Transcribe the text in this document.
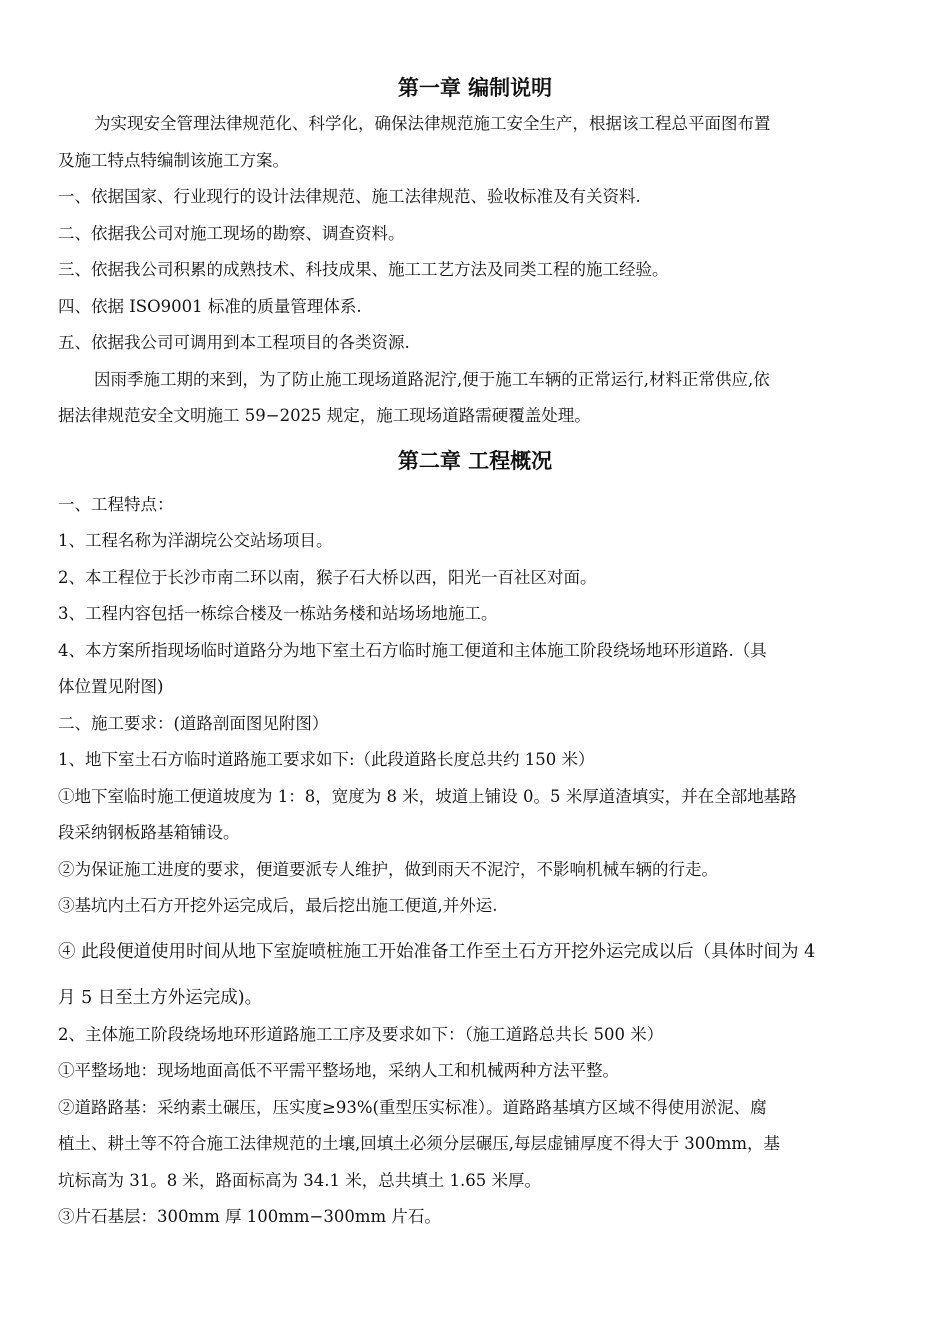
第一章 编制说明

为实现安全管理法律规范化、科学化，确保法律规范施工安全生产，根据该工程总平面图布置

及施工特点特编制该施工方案。

一、依据国家、行业现行的设计法律规范、施工法律规范、验收标准及有关资料.

二、依据我公司对施工现场的勘察、调查资料。

三、依据我公司积累的成熟技术、科技成果、施工工艺方法及同类工程的施工经验。

四、依据 ISO9001 标准的质量管理体系.

五、依据我公司可调用到本工程项目的各类资源.

因雨季施工期的来到，为了防止施工现场道路泥泞,便于施工车辆的正常运行,材料正常供应,依

据法律规范安全文明施工 59−2025 规定，施工现场道路需硬覆盖处理。

第二章 工程概况

一、工程特点：

1、工程名称为洋湖垸公交站场项目。

2、本工程位于长沙市南二环以南，猴子石大桥以西，阳光一百社区对面。

3、工程内容包括一栋综合楼及一栋站务楼和站场场地施工。

4、本方案所指现场临时道路分为地下室土石方临时施工便道和主体施工阶段绕场地环形道路.（具

体位置见附图)

二、施工要求：(道路剖面图见附图）

1、地下室土石方临时道路施工要求如下:（此段道路长度总共约 150 米）

①地下室临时施工便道坡度为 1：8，宽度为 8 米，坡道上铺设 0。5 米厚道渣填实，并在全部地基路

段采纳钢板路基箱铺设。

②为保证施工进度的要求，便道要派专人维护，做到雨天不泥泞，不影响机械车辆的行走。

③基坑内土石方开挖外运完成后，最后挖出施工便道,并外运.

④ 此段便道使用时间从地下室旋喷桩施工开始准备工作至土石方开挖外运完成以后（具体时间为 4

月 5 日至土方外运完成)。

2、主体施工阶段绕场地环形道路施工工序及要求如下：（施工道路总共长 500 米）

①平整场地：现场地面高低不平需平整场地，采纳人工和机械两种方法平整。

②道路路基：采纳素土碾压，压实度≥93%(重型压实标准）。道路路基填方区域不得使用淤泥、腐

植土、耕土等不符合施工法律规范的土壤,回填土必须分层碾压,每层虚铺厚度不得大于 300mm，基

坑标高为 31。8 米，路面标高为 34.1 米，总共填土 1.65 米厚。

③片石基层：300mm 厚 100mm−300mm 片石。
